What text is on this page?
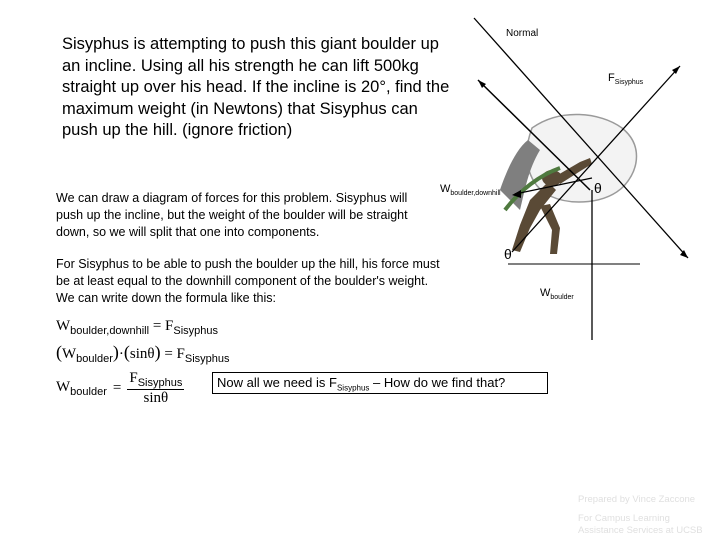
Sisyphus is attempting to push this giant boulder up an incline. Using all his strength he can lift 500kg straight up over his head. If the incline is 20°, find the maximum weight (in Newtons) that Sisyphus can push up the hill. (ignore friction)
We can draw a diagram of forces for this problem. Sisyphus will push up the incline, but the weight of the boulder will be straight down, so we will split that one into components.
For Sisyphus to be able to push the boulder up the hill, his force must be at least equal to the downhill component of the boulder's weight. We can write down the formula like this:
$W_{boulder,downhill} = F_{Sisyphus}$
$(W_{boulder})\cdot(\sin\theta) = F_{Sisyphus}$
$W_{boulder} = \frac{F_{Sisyphus}}{\sin\theta}$
Normal
$F_{Sisyphus}$
$W_{boulder,downhill}$	θ
θ
$W_{boulder}$
Now all we need is $F_{Sisyphus}$ – How do we find that?
Prepared by Vince Zaccone
For Campus Learning
Assistance Services at UCSB
